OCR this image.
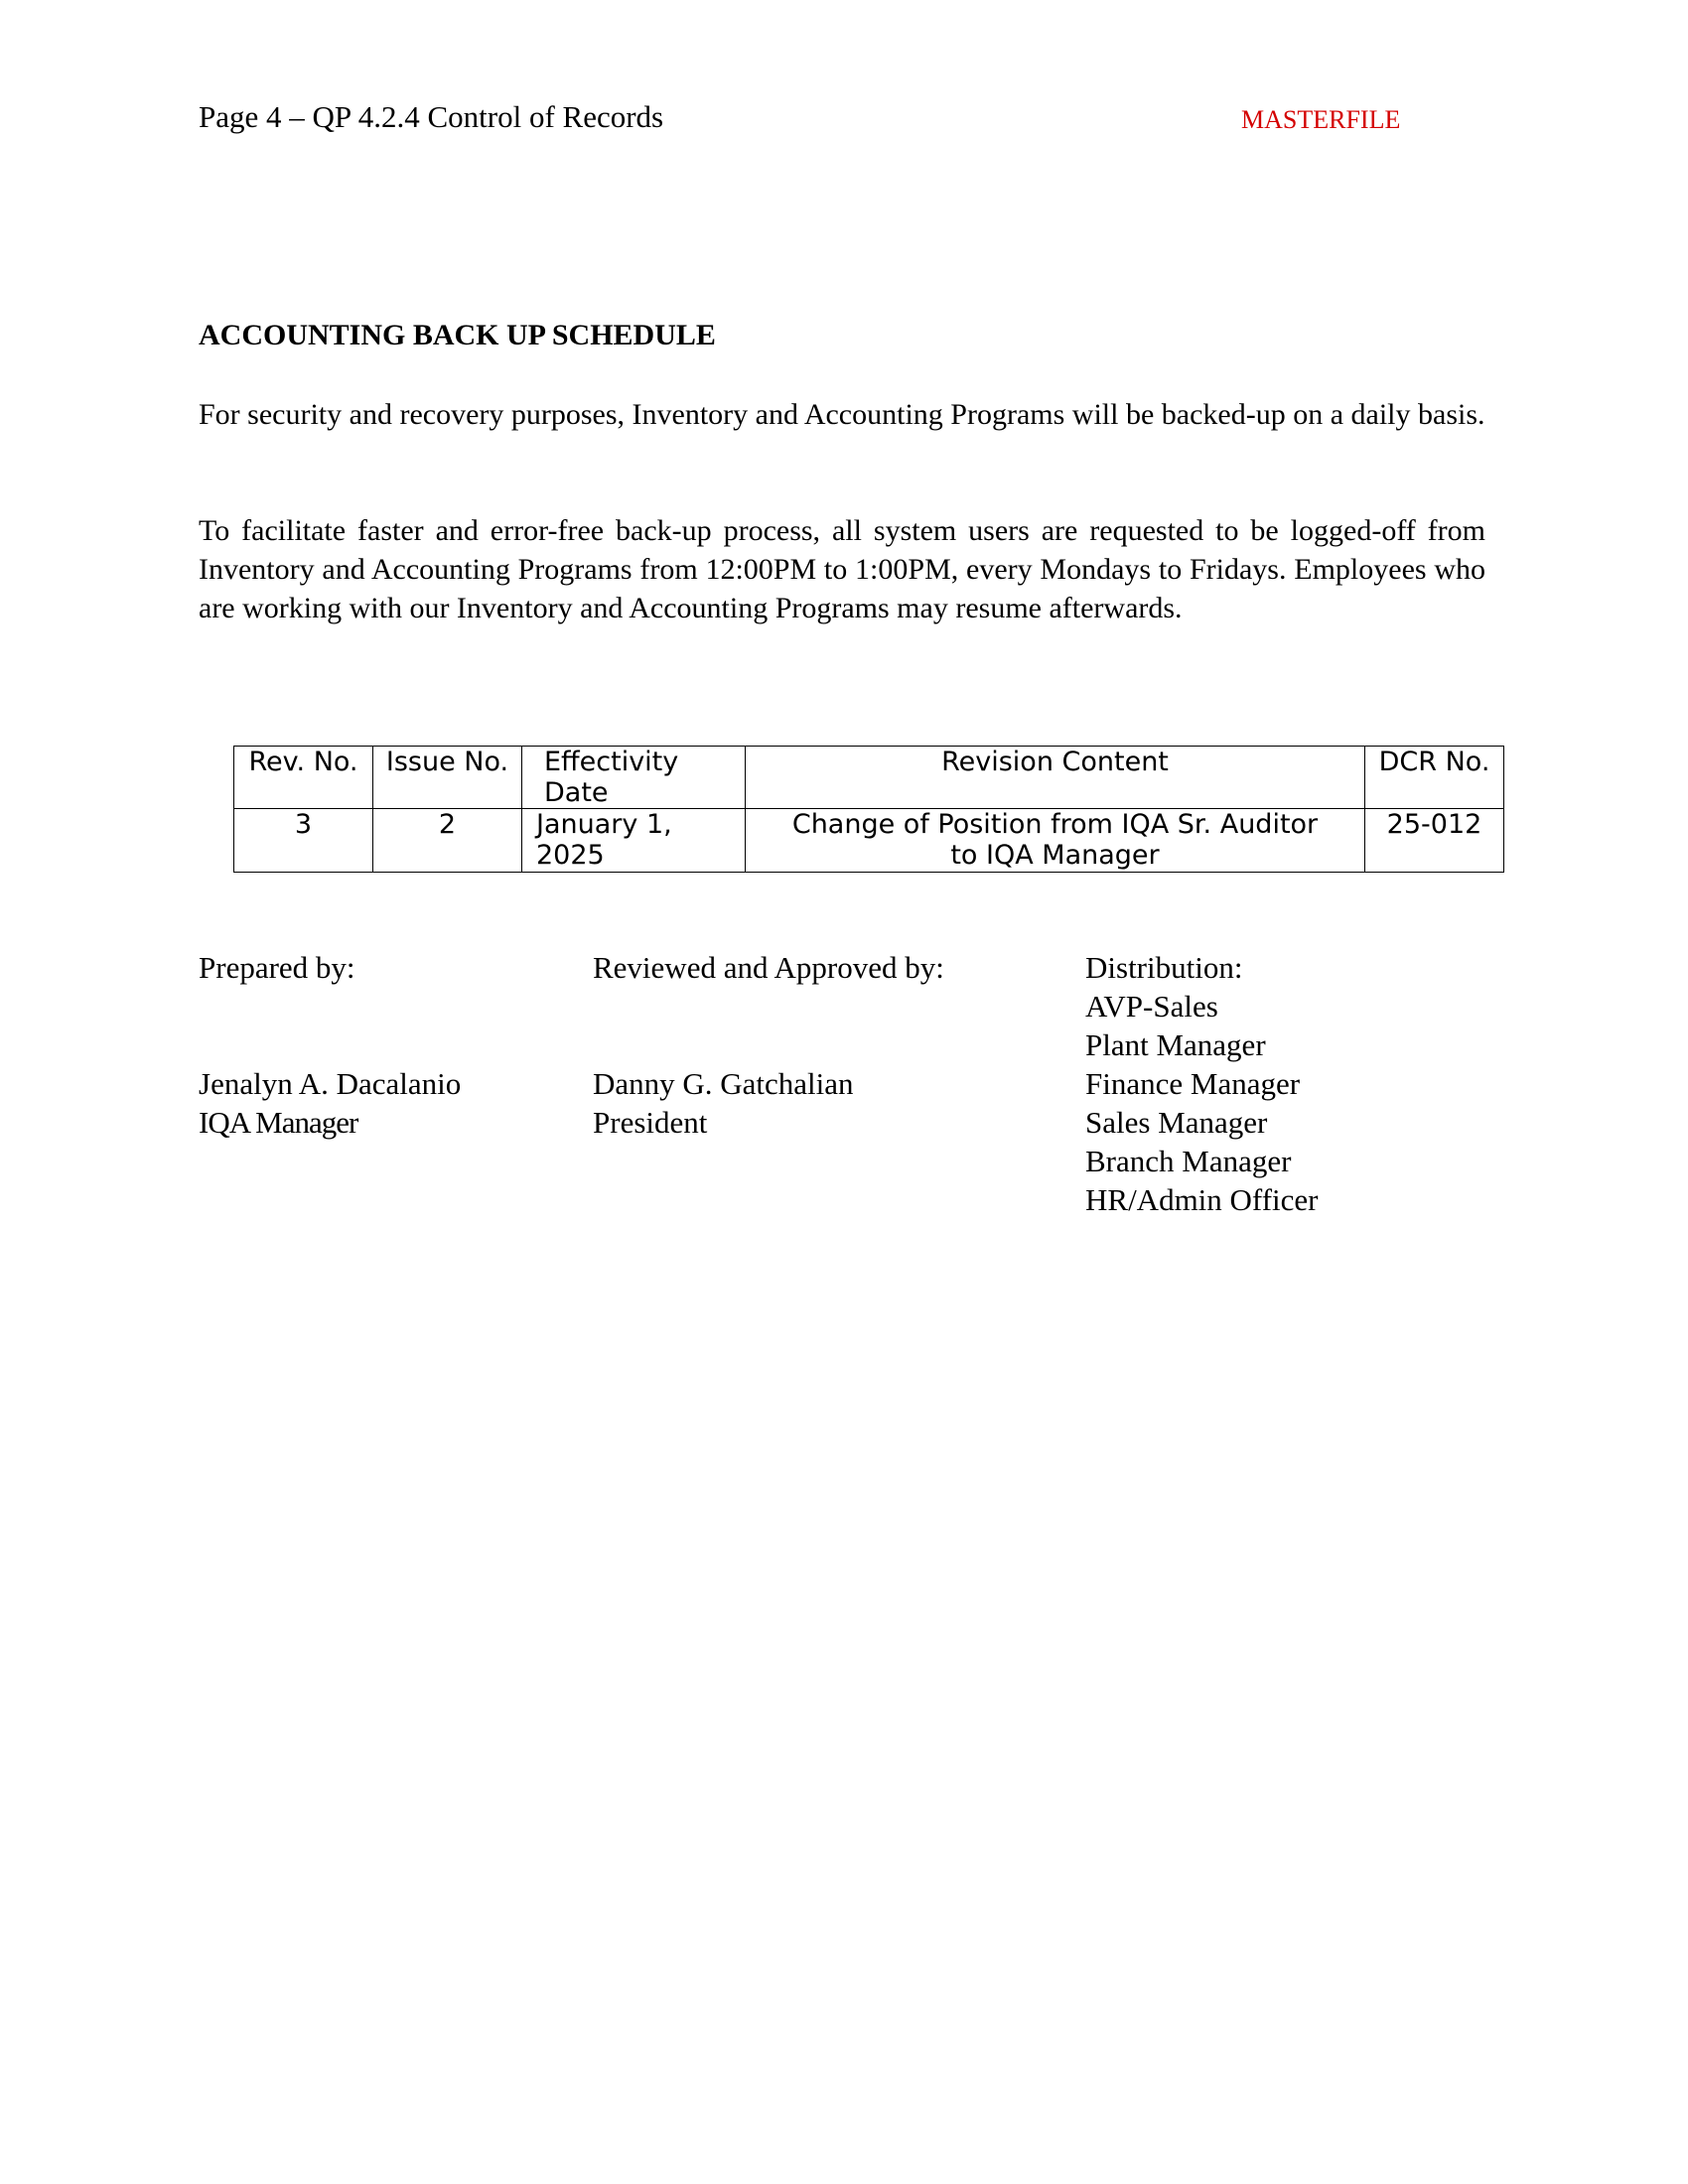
Page 4 – QP 4.2.4 Control of Records	MASTERFILE
ACCOUNTING BACK UP SCHEDULE
For security and recovery purposes, Inventory and Accounting Programs will be backed-up on a daily basis.
To facilitate faster and error-free back-up process, all system users are requested to be logged-off from Inventory and Accounting Programs from 12:00PM to 1:00PM, every Mondays to Fridays. Employees who are working with our Inventory and Accounting Programs may resume afterwards.
Rev. No.	Issue No.	Effectivity Date	Revision Content	DCR No.
3	2	January 1, 2025	Change of Position from IQA Sr. Auditor to IQA Manager	25-012
Prepared by:
Jenalyn A. Dacalanio
IQA Manager
Reviewed and Approved by:
Danny G. Gatchalian
President
Distribution:
AVP-Sales
Plant Manager
Finance Manager
Sales Manager
Branch Manager
HR/Admin Officer
